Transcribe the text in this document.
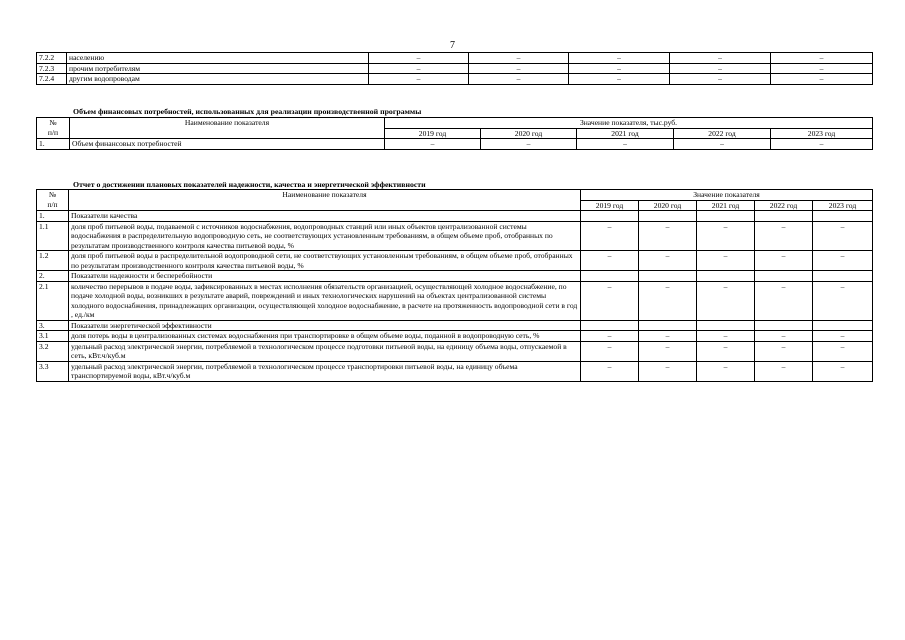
7
7.2.2	населению	–	–	–	–	–
7.2.3	прочим потребителям	–	–	–	–	–
7.2.4	другим водопроводам	–	–	–	–	–
Объем финансовых потребностей, использованных для реализации производственной программы
№
п/п	Наименование показателя	Значение показателя, тыс.руб.				
		2019 год	2020 год	2021 год	2022 год	2023 год
1.	Объем финансовых потребностей	–	–	–	–	–
Отчет о достижении плановых показателей надежности, качества и энергетической эффективности
№
п/п	Наименование показателя	Значение показателя				
		2019 год	2020 год	2021 год	2022 год	2023 год
1.	Показатели качества					
1.1	доля проб питьевой воды, подаваемой с источников водоснабжения, водопроводных станций или иных объектов централизованной системы водоснабжения в распределительную водопроводную сеть, не соответствующих установленным требованиям, в общем объеме проб, отобранных по результатам производственного контроля качества питьевой воды, %	–	–	–	–	–
1.2	доля проб питьевой воды в распределительной водопроводной сети, не соответствующих установленным требованиям, в общем объеме проб, отобранных по результатам производственного контроля качества питьевой воды, %	–	–	–	–	–
2.	Показатели надежности и бесперебойности					
2.1	количество перерывов в подаче воды, зафиксированных в местах исполнения обязательств организацией, осуществляющей холодное водоснабжение, по подаче холодной воды, возникших в результате аварий, повреждений и иных технологических нарушений на объектах централизованной системы холодного водоснабжения, принадлежащих организации, осуществляющей холодное водоснабжение, в расчете на протяженность водопроводной сети в год , ед./км	–	–	–	–	–
3.	Показатели энергетической эффективности					
3.1	доля потерь воды в централизованных системах водоснабжения при транспортировке в общем объеме воды, поданной в водопроводную сеть, %	–	–	–	–	–
3.2	удельный расход электрической энергии, потребляемой в технологическом процессе подготовки питьевой воды, на единицу объема воды, отпускаемой в сеть, кВт.ч/куб.м	–	–	–	–	–
3.3	удельный расход электрической энергии, потребляемой в технологическом процессе транспортировки питьевой воды, на единицу объема транспортируемой воды, кВт.ч/куб.м	–	–	–	–	–
